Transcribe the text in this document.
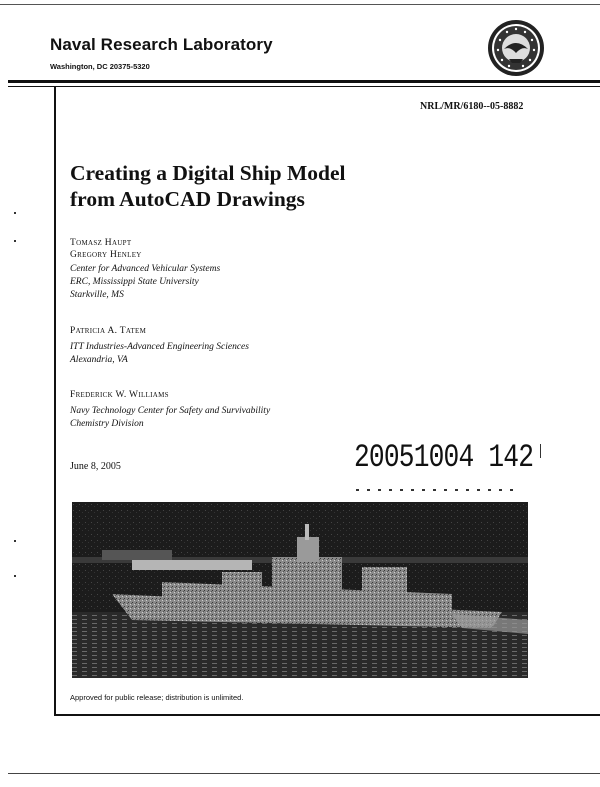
Naval Research Laboratory
Washington, DC 20375-5320
NRL/MR/6180--05-8882
Creating a Digital Ship Model
from AutoCAD Drawings
Tomasz Haupt
Gregory Henley
Center for Advanced Vehicular Systems
ERC, Mississippi State University
Starkville, MS
Patricia A. Tatem
ITT Industries-Advanced Engineering Sciences
Alexandria, VA
Frederick W. Williams
Navy Technology Center for Safety and Survivability
Chemistry Division
June 8, 2005	20051004 142
Approved for public release; distribution is unlimited.
